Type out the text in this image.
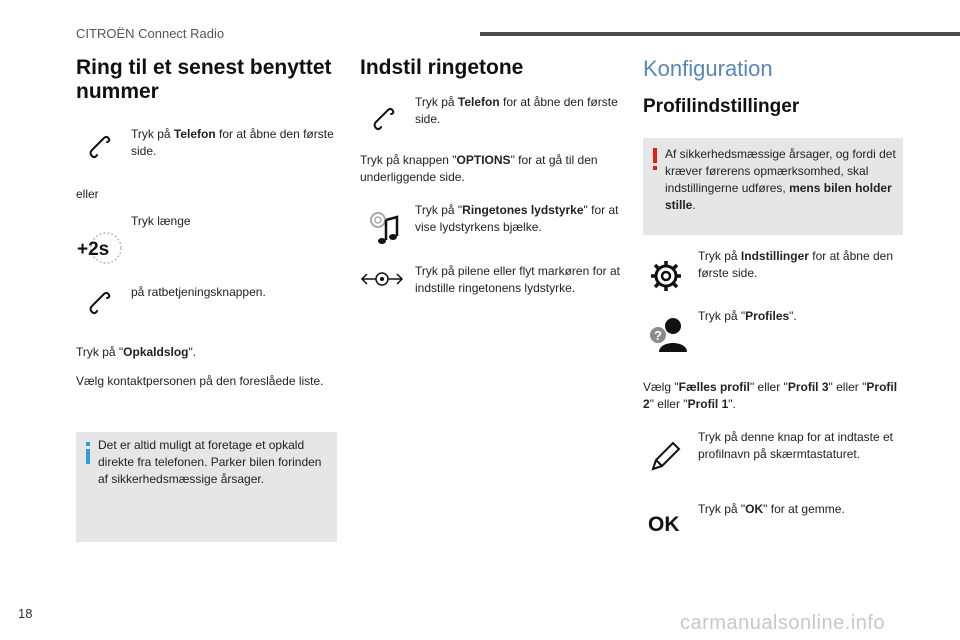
CITROËN Connect Radio
Ring til et senest benyttet nummer
Tryk på Telefon for at åbne den første side.
eller
+2s
Tryk længe
på ratbetjeningsknappen.
Tryk på "Opkaldslog".
Vælg kontaktpersonen på den foreslåede liste.
Det er altid muligt at foretage et opkald direkte fra telefonen. Parker bilen forinden af sikkerhedsmæssige årsager.
Indstil ringetone
Tryk på Telefon for at åbne den første side.
Tryk på knappen "OPTIONS" for at gå til den underliggende side.
Tryk på "Ringetones lydstyrke" for at vise lydstyrkens bjælke.
Tryk på pilene eller flyt markøren for at indstille ringetonens lydstyrke.
Konfiguration
Profilindstillinger
Af sikkerhedsmæssige årsager, og fordi det kræver førerens opmærksomhed, skal indstillingerne udføres, mens bilen holder stille.
Tryk på Indstillinger for at åbne den første side.
?
Tryk på "Profiles".
Vælg "Fælles profil" eller "Profil 3" eller "Profil 2" eller "Profil 1".
Tryk på denne knap for at indtaste et profilnavn på skærmtastaturet.
OK
Tryk på "OK" for at gemme.
18	carmanualsonline.info
